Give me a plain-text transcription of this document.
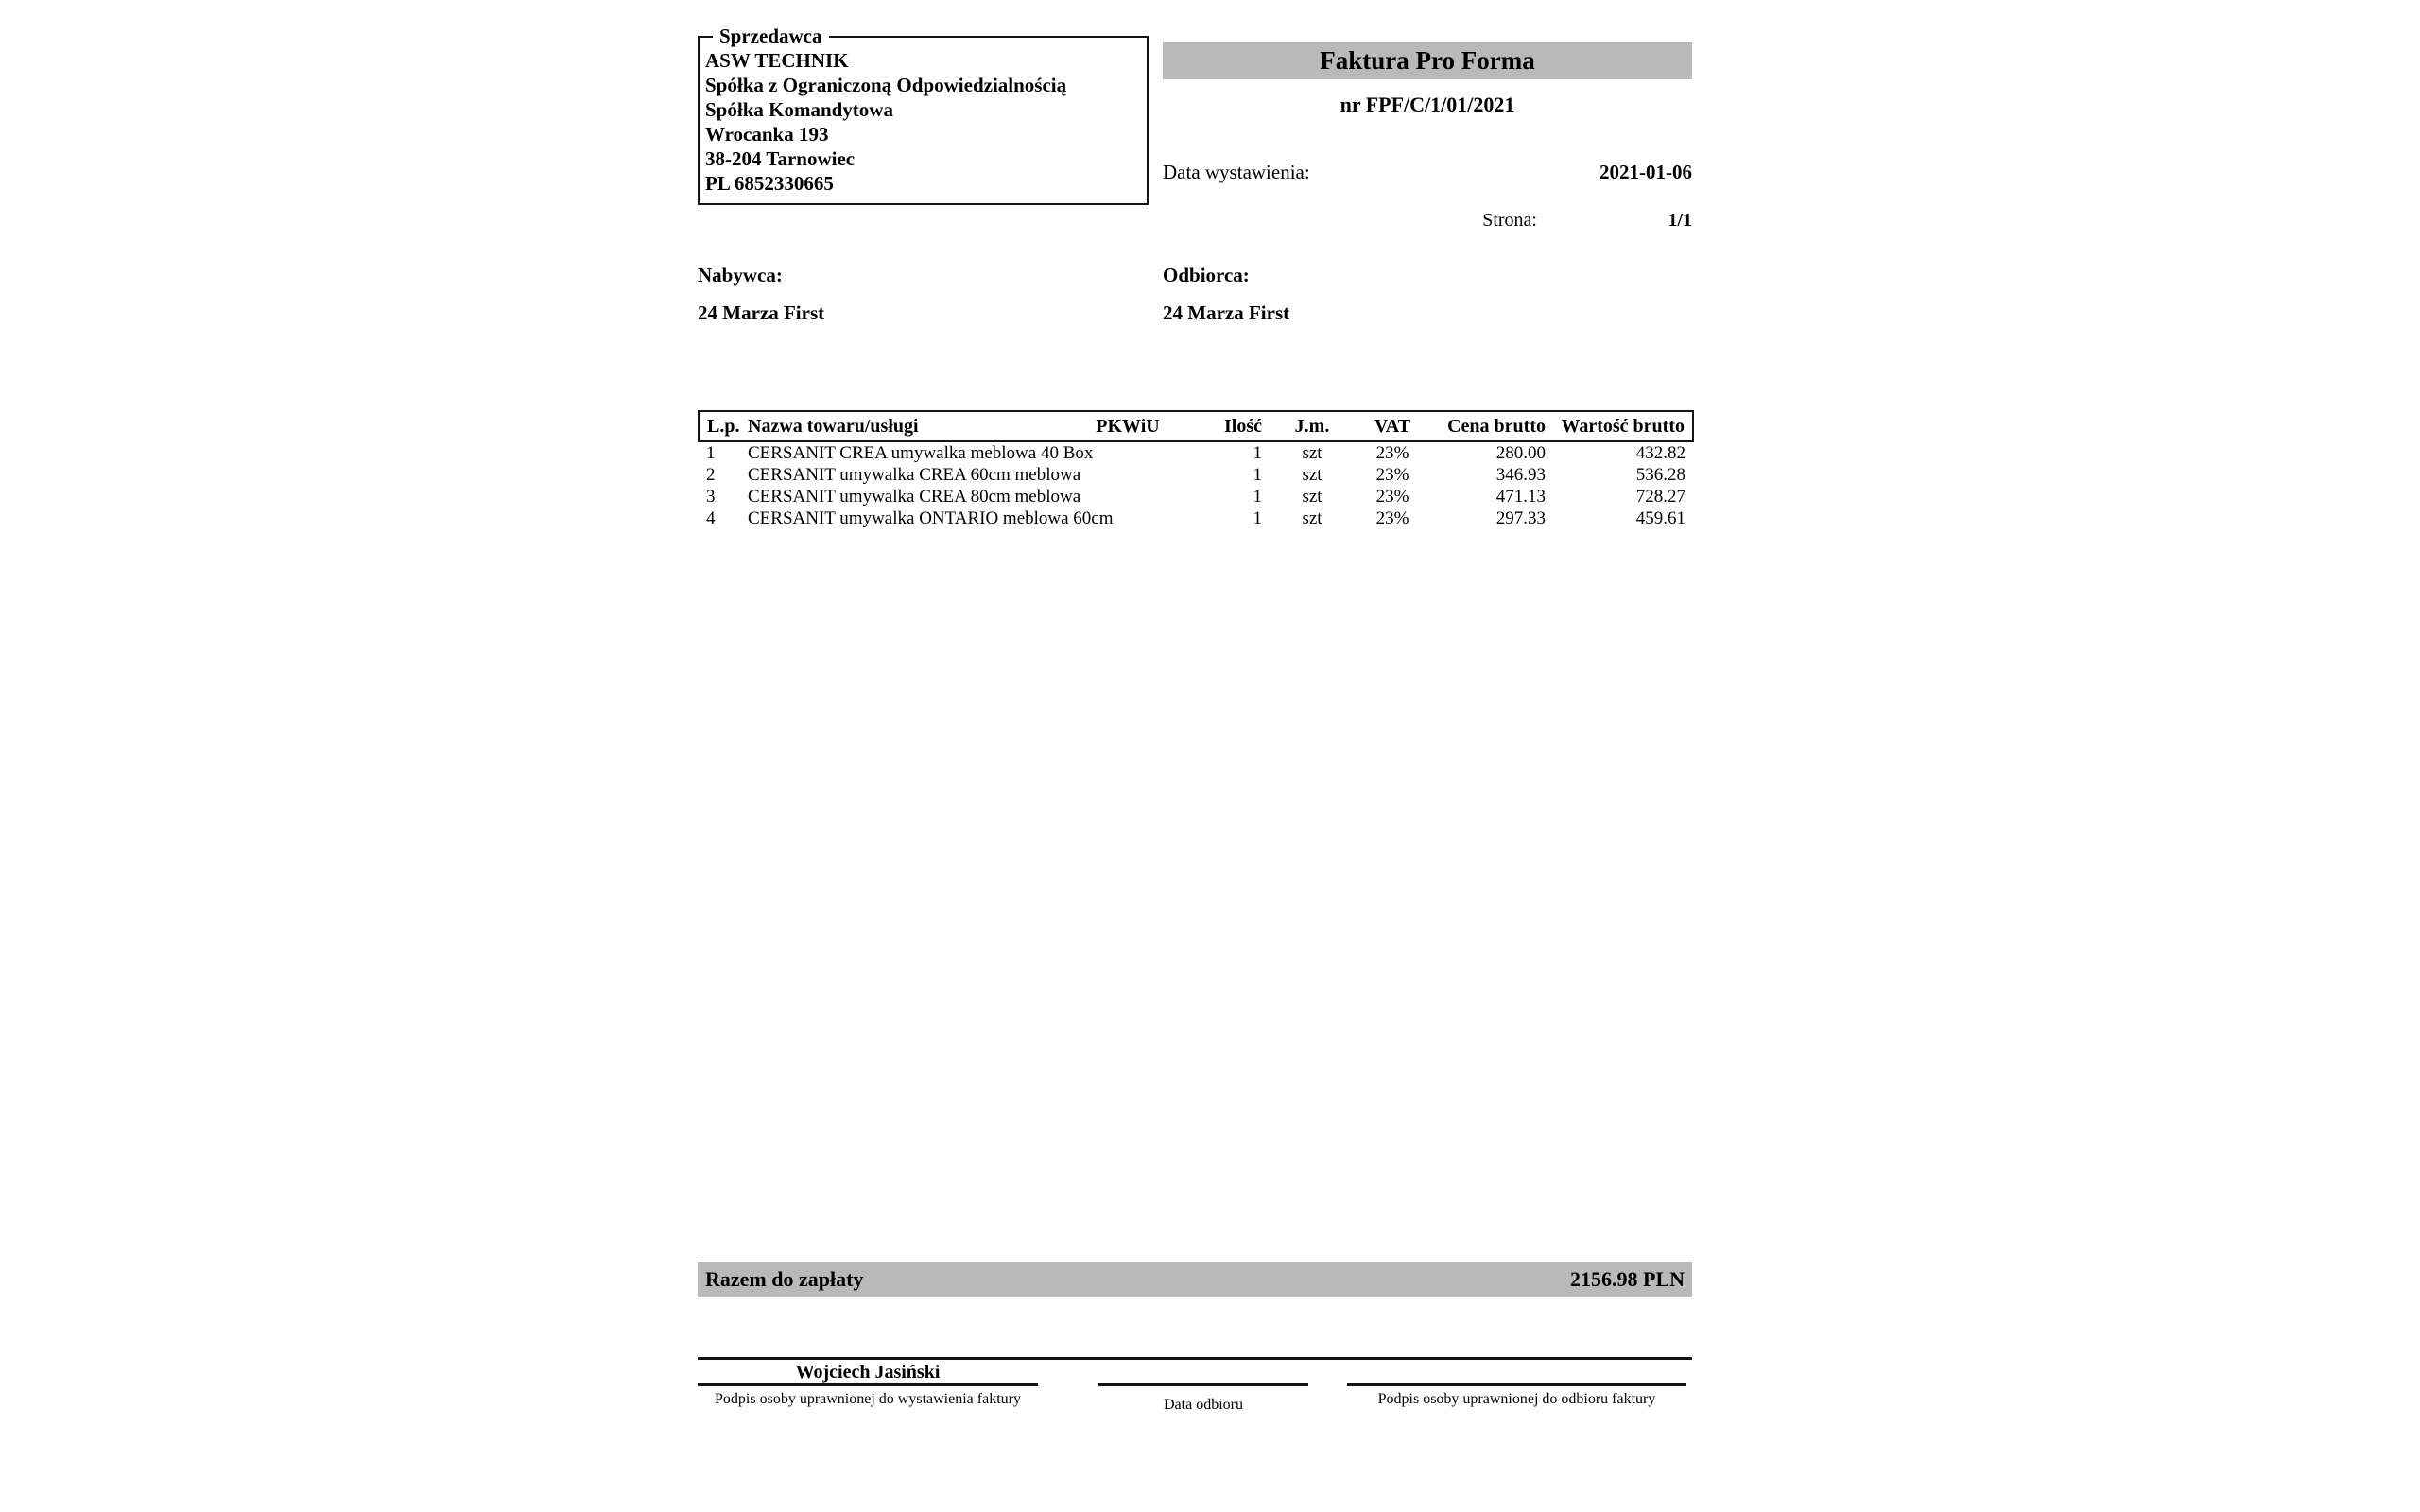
Sprzedawca
ASW TECHNIK
Spółka z Ograniczoną Odpowiedzialnością
Spółka Komandytowa
Wrocanka 193
38-204 Tarnowiec
PL 6852330665
Faktura Pro Forma
nr FPF/C/1/01/2021
Data wystawienia:	2021-01-06
Strona:	1/1
Nabywca:
24 Marza First
Odbiorca:
24 Marza First
L.p.	Nazwa towaru/usługi	PKWiU	Ilość	J.m.	VAT	Cena brutto	Wartość brutto
1	CERSANIT CREA umywalka meblowa 40 Box		1	szt	23%	280.00	432.82
2	CERSANIT umywalka CREA 60cm meblowa		1	szt	23%	346.93	536.28
3	CERSANIT umywalka CREA 80cm meblowa		1	szt	23%	471.13	728.27
4	CERSANIT umywalka ONTARIO meblowa 60cm		1	szt	23%	297.33	459.61
Razem do zapłaty	2156.98 PLN
Wojciech Jasiński
Podpis osoby uprawnionej do wystawienia faktury	Data odbioru	Podpis osoby uprawnionej do odbioru faktury
